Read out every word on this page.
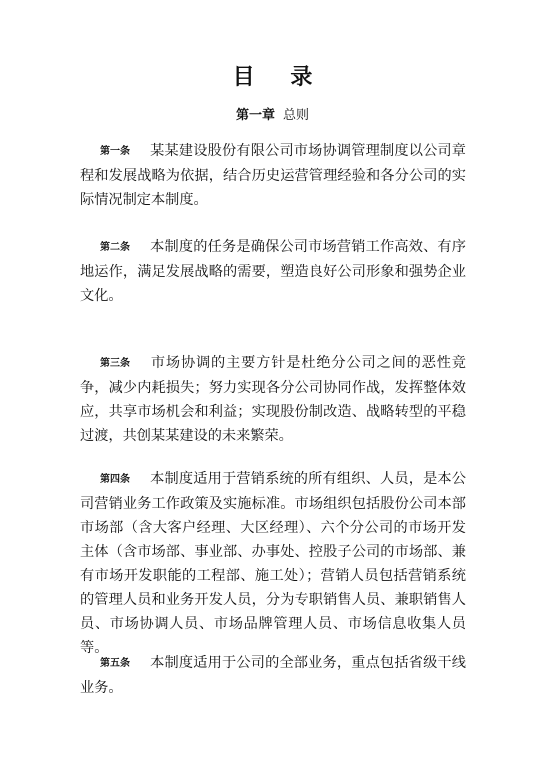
目 录
第一章 总则
第一条 某某建设股份有限公司市场协调管理制度以公司章程和发展战略为依据，结合历史运营管理经验和各分公司的实际情况制定本制度。
第二条 本制度的任务是确保公司市场营销工作高效、有序地运作，满足发展战略的需要，塑造良好公司形象和强势企业文化。
第三条 市场协调的主要方针是杜绝分公司之间的恶性竞争，减少内耗损失；努力实现各分公司协同作战，发挥整体效应，共享市场机会和利益；实现股份制改造、战略转型的平稳过渡，共创某某建设的未来繁荣。
第四条 本制度适用于营销系统的所有组织、人员，是本公司营销业务工作政策及实施标准。市场组织包括股份公司本部市场部（含大客户经理、大区经理）、六个分公司的市场开发主体（含市场部、事业部、办事处、控股子公司的市场部、兼有市场开发职能的工程部、施工处）；营销人员包括营销系统的管理人员和业务开发人员，分为专职销售人员、兼职销售人员、市场协调人员、市场品牌管理人员、市场信息收集人员等。
第五条 本制度适用于公司的全部业务，重点包括省级干线业务。
